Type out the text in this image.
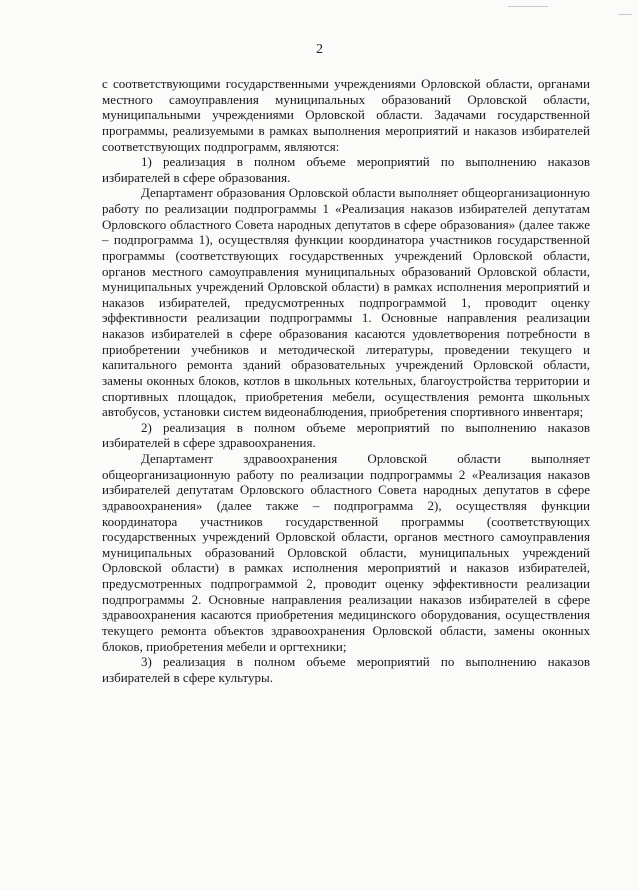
2

с соответствующими государственными учреждениями Орловской области, органами местного самоуправления муниципальных образований Орловской области, муниципальными учреждениями Орловской области. Задачами государственной программы, реализуемыми в рамках выполнения мероприятий и наказов избирателей соответствующих подпрограмм, являются:

1) реализация в полном объеме мероприятий по выполнению наказов избирателей в сфере образования.

Департамент образования Орловской области выполняет общеорганизационную работу по реализации подпрограммы 1 «Реализация наказов избирателей депутатам Орловского областного Совета народных депутатов в сфере образования» (далее также – подпрограмма 1), осуществляя функции координатора участников государственной программы (соответствующих государственных учреждений Орловской области, органов местного самоуправления муниципальных образований Орловской области, муниципальных учреждений Орловской области) в рамках исполнения мероприятий и наказов избирателей, предусмотренных подпрограммой 1, проводит оценку эффективности реализации подпрограммы 1. Основные направления реализации наказов избирателей в сфере образования касаются удовлетворения потребности в приобретении учебников и методической литературы, проведении текущего и капитального ремонта зданий образовательных учреждений Орловской области, замены оконных блоков, котлов в школьных котельных, благоустройства территории и спортивных площадок, приобретения мебели, осуществления ремонта школьных автобусов, установки систем видеонаблюдения, приобретения спортивного инвентаря;

2) реализация в полном объеме мероприятий по выполнению наказов избирателей в сфере здравоохранения.

Департамент здравоохранения Орловской области выполняет общеорганизационную работу по реализации подпрограммы 2 «Реализация наказов избирателей депутатам Орловского областного Совета народных депутатов в сфере здравоохранения» (далее также – подпрограмма 2), осуществляя функции координатора участников государственной программы (соответствующих государственных учреждений Орловской области, органов местного самоуправления муниципальных образований Орловской области, муниципальных учреждений Орловской области) в рамках исполнения мероприятий и наказов избирателей, предусмотренных подпрограммой 2, проводит оценку эффективности реализации подпрограммы 2. Основные направления реализации наказов избирателей в сфере здравоохранения касаются приобретения медицинского оборудования, осуществления текущего ремонта объектов здравоохранения Орловской области, замены оконных блоков, приобретения мебели и оргтехники;

3) реализация в полном объеме мероприятий по выполнению наказов избирателей в сфере культуры.
